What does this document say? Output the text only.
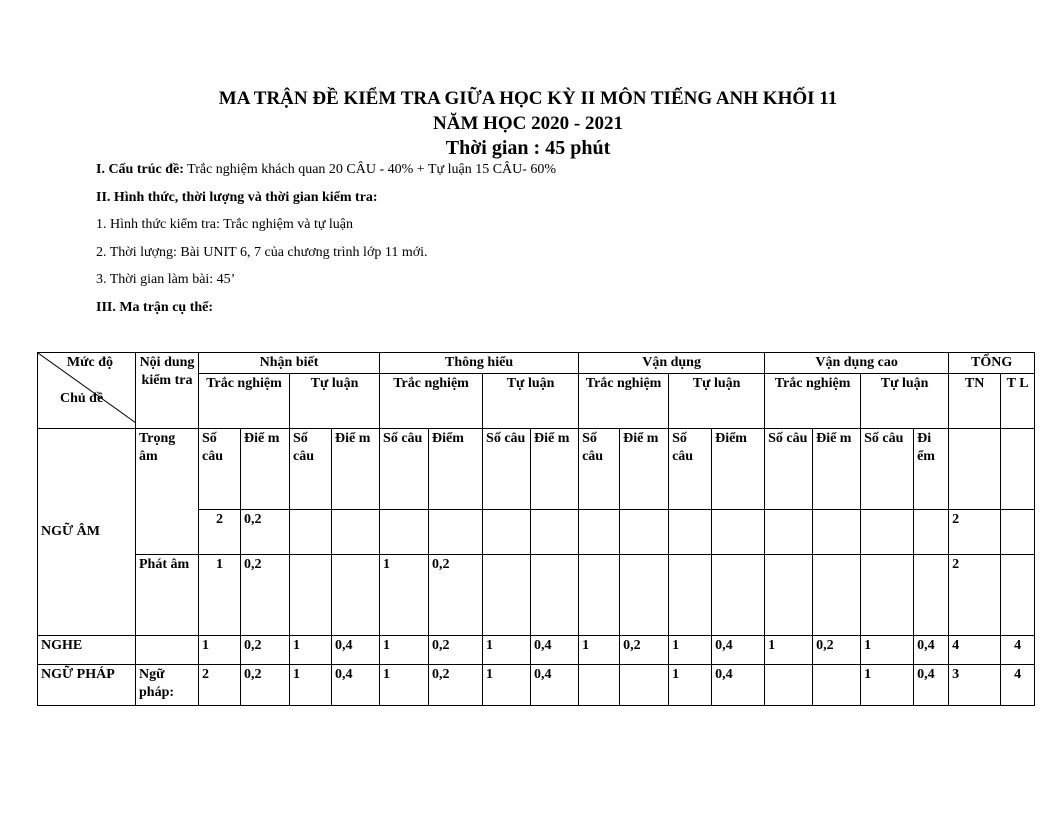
MA TRẬN ĐỀ KIỂM TRA GIỮA HỌC KỲ II MÔN TIẾNG ANH KHỐI 11
NĂM HỌC 2020 - 2021
Thời gian : 45 phút
I. Cấu trúc đề: Trắc nghiệm khách quan 20 CÂU - 40% + Tự luận 15 CÂU- 60%
II. Hình thức, thời lượng và thời gian kiểm tra:
1. Hình thức kiểm tra: Trắc nghiệm và tự luận
2. Thời lượng: Bài UNIT 6, 7 của chương trình lớp 11 mới.
3. Thời gian làm bài: 45’
III. Ma trận cụ thể:
Mức độ
Chủ đề	Nội dung kiểm tra	Nhận biết				Thông hiểu				Vận dụng				Vận dụng cao				TỔNG	
		Trắc nghiệm		Tự luận		Trắc nghiệm		Tự luận		Trắc nghiệm		Tự luận		Trắc nghiệm		Tự luận		TN	T L
NGỮ ÂM	Trọng âm	Số câu	Điể m	Số câu	Điể m	Số câu	Điểm	Số câu	Điể m	Số câu	Điể m	Số câu	Điểm	Số câu	Điể m	Số câu	Đi ểm		
		2	0,2															2	
	Phát âm	1	0,2			1	0,2											2	
NGHE		1	0,2	1	0,4	1	0,2	1	0,4	1	0,2	1	0,4	1	0,2	1	0,4	4	4
NGỮ PHÁP	Ngữ pháp:	2	0,2	1	0,4	1	0,2	1	0,4			1	0,4			1	0,4	3	4
